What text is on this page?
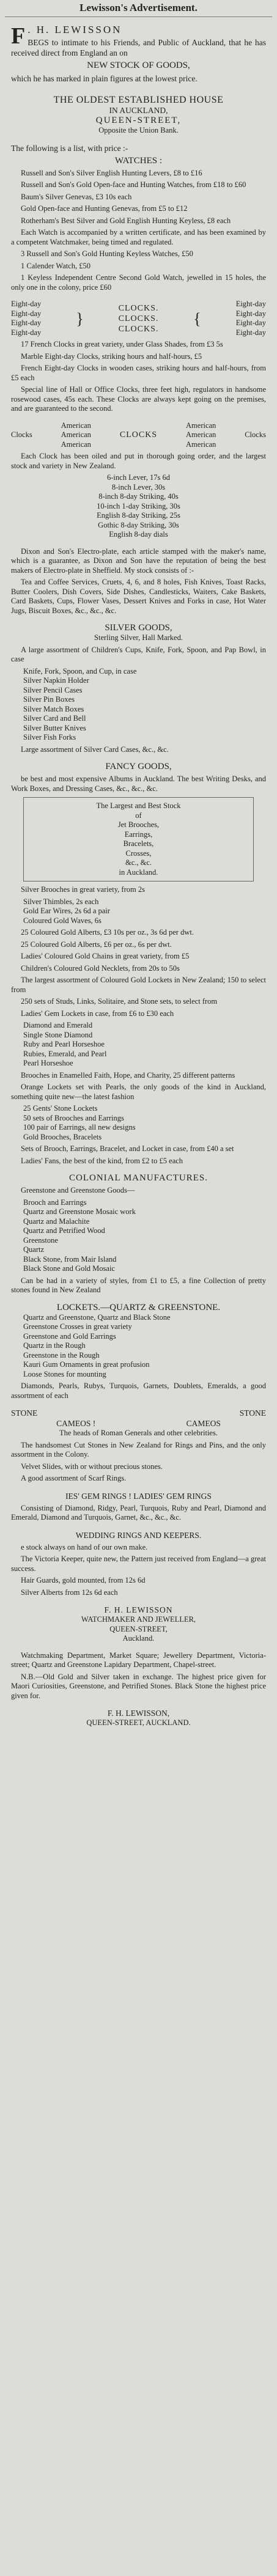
Lewisson's Advertisement.
F . H. LEWISSON
BEGS to intimate to his Friends, and Public of Auckland, that he has received direct from England an on
NEW STOCK OF GOODS,
which he has marked in plain figures at the lowest price.
THE OLDEST ESTABLISHED HOUSE
IN AUCKLAND,
QUEEN-STREET,
Opposite the Union Bank.
The following is a list, with price :-
WATCHES :
Russell and Son's Silver English Hunting Levers, £8 to £16
Russell and Son's Gold Open-face and Hunting Watches, from £18 to £60
Baum's Silver Genevas, £3 10s each
Gold Open-face and Hunting Genevas, from £5 to £12
Rotherham's Best Silver and Gold English Hunting Keyless, £8 each
Each Watch is accompanied by a written certificate, and has been examined by a competent Watchmaker, being timed and regulated.
3 Russell and Son's Gold Hunting Keyless Watches, £50
1 Calender Watch, £50
1 Keyless Independent Centre Second Gold Watch, jewelled in 15 holes, the only one in the colony, price £60
Eight-day
Eight-day
Eight-day
Eight-day
}
CLOCKS.
CLOCKS.
CLOCKS.
{
Eight-day
Eight-day
Eight-day
Eight-day
17 French Clocks in great variety, under Glass Shades, from £3 5s
Marble Eight-day Clocks, striking hours and half-hours, £5
French Eight-day Clocks in wooden cases, striking hours and half-hours, from £5 each
Special line of Hall or Office Clocks, three feet high, regulators in handsome rosewood cases, 45s each. These Clocks are always kept going on the premises, and are guaranteed to the second.
Clocks
American
American
American
CLOCKS
American
American
American
Clocks
Each Clock has been oiled and put in thorough going order, and the largest stock and variety in New Zealand.
6-inch Lever, 17s 6d
8-inch Lever, 30s
8-inch 8-day Striking, 40s
10-inch 1-day Striking, 30s
English 8-day Striking, 25s
Gothic 8-day Striking, 30s
English 8-day dials
Dixon and Son's Electro-plate, each article stamped with the maker's name, which is a guarantee, as Dixon and Son have the reputation of being the best makers of Electro-plate in Sheffield. My stock consists of :-
Tea and Coffee Services, Cruets, 4, 6, and 8 holes, Fish Knives, Toast Racks, Butter Coolers, Dish Covers, Side Dishes, Candlesticks, Waiters, Cake Baskets, Card Baskets, Cups, Flower Vases, Dessert Knives and Forks in case, Hot Water Jugs, Biscuit Boxes, &c., &c., &c.
SILVER GOODS,
Sterling Silver, Hall Marked.
A large assortment of Children's Cups, Knife, Fork, Spoon, and Pap Bowl, in case
Knife, Fork, Spoon, and Cup, in case
Silver Napkin Holder
Silver Pencil Cases
Silver Pin Boxes
Silver Match Boxes
Silver Card and Bell
Silver Butter Knives
Silver Fish Forks
Large assortment of Silver Card Cases, &c., &c.
FANCY GOODS,
be best and most expensive Albums in Auckland. The best Writing Desks, and Work Boxes, and Dressing Cases, &c., &c., &c.
The Largest and Best Stock
of
Jet Brooches,
Earrings,
Bracelets,
Crosses,
&c., &c.
in Auckland.
Silver Brooches in great variety, from 2s
Silver Thimbles, 2s each
Gold Ear Wires, 2s 6d a pair
Coloured Gold Waves, 6s
25 Coloured Gold Alberts, £3 10s per oz., 3s 6d per dwt.
25 Coloured Gold Alberts, £6 per oz., 6s per dwt.
Ladies' Coloured Gold Chains in great variety, from £5
Children's Coloured Gold Necklets, from 20s to 50s
The largest assortment of Coloured Gold Lockets in New Zealand; 150 to select from
250 sets of Studs, Links, Solitaire, and Stone sets, to select from
Ladies' Gem Lockets in case, from £6 to £30 each
Diamond and Emerald
Single Stone Diamond
Ruby and Pearl Horseshoe
Rubies, Emerald, and Pearl
Pearl Horseshoe
Brooches in Enamelled Faith, Hope, and Charity, 25 different patterns
Orange Lockets set with Pearls, the only goods of the kind in Auckland, something quite new—the latest fashion
25 Gents' Stone Lockets
50 sets of Brooches and Earrings
100 pair of Earrings, all new designs
Gold Brooches, Bracelets
Sets of Brooch, Earrings, Bracelet, and Locket in case, from £40 a set
Ladies' Fans, the best of the kind, from £2 to £5 each
COLONIAL MANUFACTURES.
Greenstone and Greenstone Goods—
Brooch and Earrings
Quartz and Greenstone Mosaic work
Quartz and Malachite
Quartz and Petrified Wood
Greenstone
Quartz
Black Stone, from Mair Island
Black Stone and Gold Mosaic
Can be had in a variety of styles, from £1 to £5, a fine Collection of pretty stones found in New Zealand
LOCKETS.—QUARTZ & GREENSTONE.
Quartz and Greenstone, Quartz and Black Stone
Greenstone Crosses in great variety
Greenstone and Gold Earrings
Quartz in the Rough
Greenstone in the Rough
Kauri Gum Ornaments in great profusion
Loose Stones for mounting
Diamonds, Pearls, Rubys, Turquois, Garnets, Doublets, Emeralds, a good assortment of each
STONE	STONE
CAMEOS !	CAMEOS
The heads of Roman Generals and other celebrities.
The handsomest Cut Stones in New Zealand for Rings and Pins, and the only assortment in the Colony.
Velvet Slides, with or without precious stones.
A good assortment of Scarf Rings.
IES' GEM RINGS ! LADIES' GEM RINGS
Consisting of Diamond, Ridgy, Pearl, Turquois, Ruby and Pearl, Diamond and Emerald, Diamond and Turquois, Garnet, &c., &c., &c.
WEDDING RINGS AND KEEPERS.
e stock always on hand of our own make.
The Victoria Keeper, quite new, the Pattern just received from England—a great success.
Hair Guards, gold mounted, from 12s 6d
Silver Alberts from 12s 6d each
F. H. LEWISSON
WATCHMAKER AND JEWELLER,
QUEEN-STREET,
Auckland.
Watchmaking Department, Market Square; Jewellery Department, Victoria-street; Quartz and Greenstone Lapidary Department, Chapel-street.
N.B.—Old Gold and Silver taken in exchange. The highest price given for Maori Curiosities, Greenstone, and Petrified Stones. Black Stone the highest price given for.
F. H. LEWISSON,
QUEEN-STREET, AUCKLAND.
